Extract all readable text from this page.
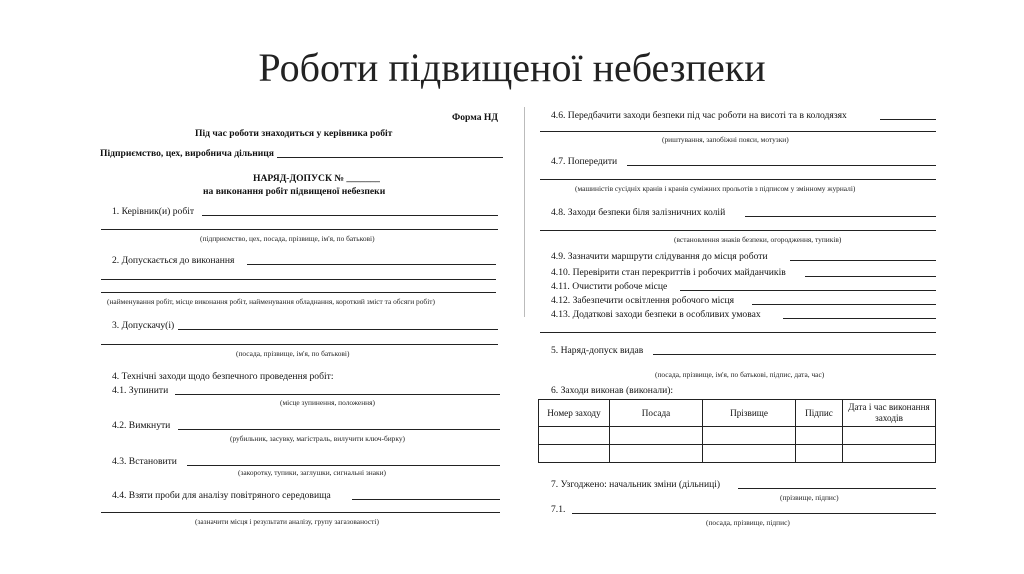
Роботи підвищеної небезпеки
Форма НД
Під час роботи знаходиться у керівника робіт
Підприємство, цех, виробнича дільниця
НАРЯД-ДОПУСК № _______
на виконання робіт підвищеної небезпеки
1. Керівник(и) робіт
(підприємство, цех, посада, прізвище, ім'я, по батькові)
2. Допускається до виконання
(найменування робіт, місце виконання робіт, найменування обладнання, короткий зміст та обсяги робіт)
3. Допускачу(і)
(посада, прізвище, ім'я, по батькові)
4. Технічні заходи щодо безпечного проведення робіт:
4.1. Зупинити
(місце зупинення, положення)
4.2. Вимкнути
(рубильник, засувку, магістраль, вилучити ключ-бирку)
4.3. Встановити
(закоротку, тупики, заглушки, сигнальні знаки)
4.4. Взяти проби для аналізу повітряного середовища
(зазначити місця і результати аналізу, групу загазованості)
4.6. Передбачити заходи безпеки під час роботи на висоті та в колодязях
(риштування, запобіжні пояси, мотузки)
4.7. Попередити
(машиністів сусідніх кранів і кранів суміжних прольотів з підписом у змінному журналі)
4.8. Заходи безпеки біля залізничних колій
(встановлення знаків безпеки, огородження, тупиків)
4.9. Зазначити маршрути слідування до місця роботи
4.10. Перевірити стан перекриттів і робочих майданчиків
4.11. Очистити робоче місце
4.12. Забезпечити освітлення робочого місця
4.13. Додаткові заходи безпеки в особливих умовах
5. Наряд-допуск видав
(посада, прізвище, ім'я, по батькові, підпис, дата, час)
6. Заходи виконав (виконали):
7. Узгоджено: начальник зміни (дільниці)
(прізвище, підпис)
7.1.
(посада, прізвище, підпис)
Номер заходу	Посада	Прізвище	Підпис	Дата і час виконання заходів
